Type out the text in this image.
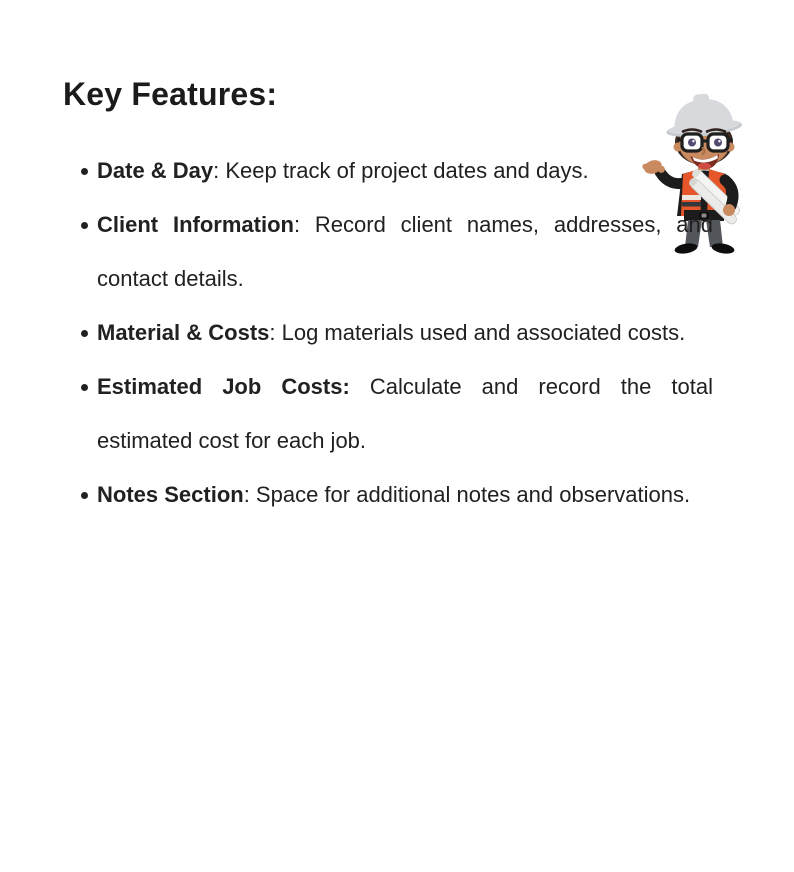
Key Features:
Date & Day: Keep track of project dates and days.
Client Information: Record client names, addresses, and contact details.
Material & Costs: Log materials used and associated costs.
Estimated Job Costs: Calculate and record the total estimated cost for each job.
Notes Section: Space for additional notes and observations.
